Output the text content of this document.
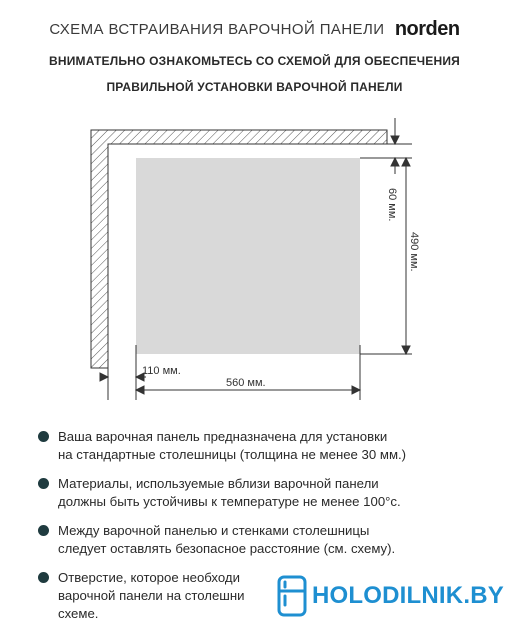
СХЕМА ВСТРАИВАНИЯ ВАРОЧНОЙ ПАНЕЛИ norden
ВНИМАТЕЛЬНО ОЗНАКОМЬТЕСЬ СО СХЕМОЙ ДЛЯ ОБЕСПЕЧЕНИЯ
ПРАВИЛЬНОЙ УСТАНОВКИ ВАРОЧНОЙ ПАНЕЛИ
60 мм.
490 мм.
110 мм.
560 мм.
Ваша варочная панель предназначена для установки
на стандартные столешницы (толщина не менее 30 мм.)
Материалы, используемые вблизи варочной панели
должны быть устойчивы к температуре не менее 100°с.
Между варочной панелью и стенками столешницы
следует оставлять безопасное расстояние (см. схему).
Отверстие, которое необходи
варочной панели на столешни
схеме.
HOLODILNIK.BY
